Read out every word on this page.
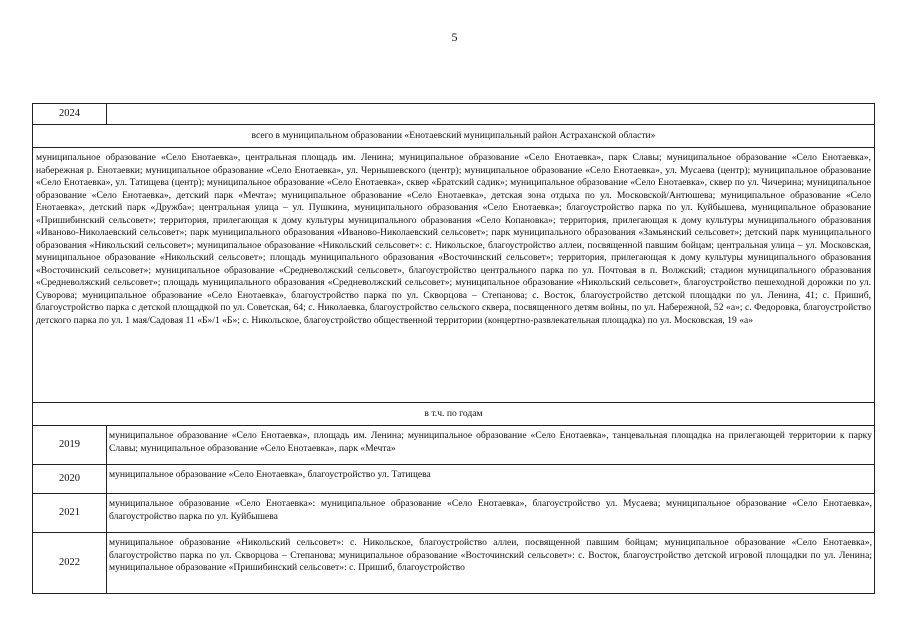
5
2024	
всего в муниципальном образовании «Енотаевский муниципальный район Астраханской области»	
муниципальное образование «Село Енотаевка», центральная площадь им. Ленина; муниципальное образование «Село Енотаевка», парк Славы; муниципальное образование «Село Енотаевка», набережная р. Енотаевки; муниципальное образование «Село Енотаевка», ул. Чернышевского (центр); муниципальное образование «Село Енотаевка», ул. Мусаева (центр); муниципальное образование «Село Енотаевка», ул. Татищева (центр); муниципальное образование «Село Енотаевка», сквер «Братский садик»; муниципальное образование «Село Енотаевка», сквер по ул. Чичерина; муниципальное образование «Село Енотаевка», детский парк «Мечта»; муниципальное образование «Село Енотаевка», детская зона отдыха по ул. Московской/Антюшева; муниципальное образование «Село Енотаевка», детский парк «Дружба»; центральная улица – ул. Пушкина, муниципального образования «Село Енотаевка»; благоустройство парка по ул. Куйбышева, муниципальное образование «Пришибинский сельсовет»; территория, прилегающая к дому культуры муниципального образования «Село Копановка»; территория, прилегающая к дому культуры муниципального образования «Ивановo-Николаевский сельсовет»; парк муниципального образования «Ивановo-Николаевский сельсовет»; парк муниципального образования «Замьянский сельсовет»; детский парк муниципального образования «Никольский сельсовет»; муниципальное образование «Никольский сельсовет»: с. Никольское, благоустройство аллеи, посвященной павшим бойцам; центральная улица – ул. Московская, муниципальное образование «Никольский сельсовет»; площадь муниципального образования «Восточинский сельсовет»; территория, прилегающая к дому культуры муниципального образования «Восточинский сельсовет»; муниципальное образование «Средневолжский сельсовет», благоустройство центрального парка по ул. Почтовая в п. Волжский; стадион муниципального образования «Средневолжский сельсовет»; площадь муниципального образования «Средневолжский сельсовет»; муниципальное образование «Никольский сельсовет», благоустройство пешеходной дорожки по ул. Суворова; муниципальное образование «Село Енотаевка», благоустройство парка по ул. Скворцова – Степанова; с. Восток, благоустройство детской площадки по ул. Ленина, 41; с. Пришиб, благоустройство парка с детской площадкой по ул. Советская, 64; с. Николаевка, благоустройство сельского сквера, посвященного детям войны, по ул. Набережной, 52 «а»; с. Федоровка, благоустройство детского парка по ул. 1 мая/Садовая 11 «Б»/1 «Б»; с. Никольское, благоустройство общественной территории (концертно-развлекательная площадка) по ул. Московская, 19 «а»	
в т.ч. по годам	
2019	муниципальное образование «Село Енотаевка», площадь им. Ленина; муниципальное образование «Село Енотаевка», танцевальная площадка на прилегающей территории к парку Славы; муниципальное образование «Село Енотаевка», парк «Мечта»
2020	муниципальное образование «Село Енотаевка», благоустройство ул. Татищева
2021	муниципальное образование «Село Енотаевка»: муниципальное образование «Село Енотаевка», благоустройство ул. Мусаева; муниципальное образование «Село Енотаевка», благоустройство парка по ул. Куйбышева
2022	муниципальное образование «Никольский сельсовет»: с. Никольское, благоустройство аллеи, посвященной павшим бойцам; муниципальное образование «Село Енотаевка», благоустройство парка по ул. Скворцова – Степанова; муниципальное образование «Восточинский сельсовет»: с. Восток, благоустройство детской игровой площадки по ул. Ленина; муниципальное образование «Пришибинский сельсовет»: с. Пришиб, благоустройство
